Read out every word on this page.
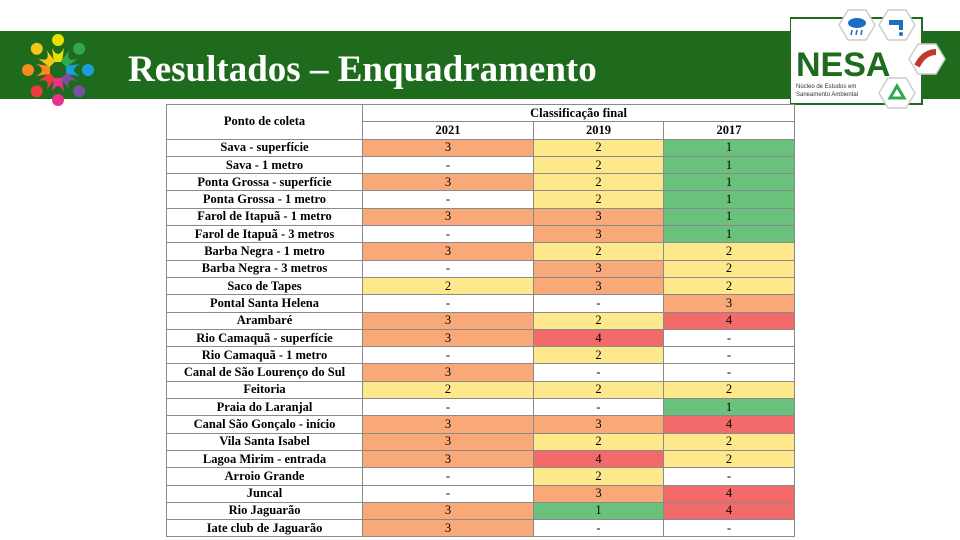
Resultados – Enquadramento	NESA
Núcleo de Estudos em
Saneamento Ambiental
Ponto de coleta	Classificação final		
	2021	2019	2017
Sava - superfície	3	2	1
Sava - 1 metro	-	2	1
Ponta Grossa - superfície	3	2	1
Ponta Grossa - 1 metro	-	2	1
Farol de Itapuã - 1 metro	3	3	1
Farol de Itapuã - 3 metros	-	3	1
Barba Negra - 1 metro	3	2	2
Barba Negra - 3 metros	-	3	2
Saco de Tapes	2	3	2
Pontal Santa Helena	-	-	3
Arambaré	3	2	4
Rio Camaquã - superfície	3	4	-
Rio Camaquã - 1 metro	-	2	-
Canal de São Lourenço do Sul	3	-	-
Feitoria	2	2	2
Praia do Laranjal	-	-	1
Canal São Gonçalo - início	3	3	4
Vila Santa Isabel	3	2	2
Lagoa Mirim - entrada	3	4	2
Arroio Grande	-	2	-
Juncal	-	3	4
Rio Jaguarão	3	1	4
Iate club de Jaguarão	3	-	-
